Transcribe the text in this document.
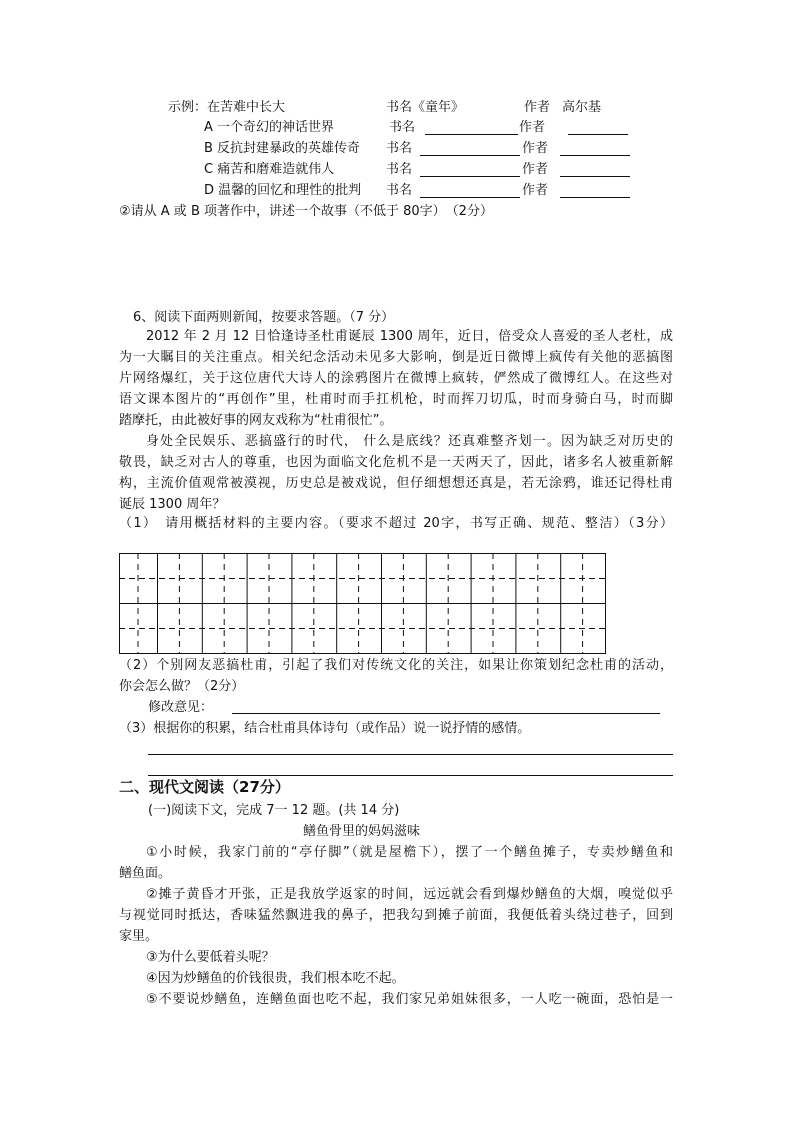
示例：在苦难中长大	书名《童年》	作者 高尔基
A 一个奇幻的神话世界	书名	作者
B 反抗封建暴政的英雄传奇 书名	作者
C 痛苦和磨难造就伟人	书名	作者
D 温馨的回忆和理性的批判 书名	作者
②请从 A 或 B 项著作中，讲述一个故事（不低于 80字）　（2分）
6、阅读下面两则新闻，按要求答题。（7 分）
2012 年 2 月 12 日恰逢诗圣杜甫诞辰 1300 周年，近日，倍受众人喜爱的圣人老杜，成
为一大瞩目的关注重点。相关纪念活动未见多大影响，倒是近日微博上疯传有关他的恶搞图
片网络爆红，关于这位唐代大诗人的涂鸦图片在微博上疯转，俨然成了微博红人。在这些对
语文课本图片的“再创作”里，杜甫时而手扛机枪，时而挥刀切瓜，时而身骑白马，时而脚
踏摩托，由此被好事的网友戏称为“杜甫很忙”。
身处全民娱乐、恶搞盛行的时代， 什么是底线？还真难整齐划一。因为缺乏对历史的
敬畏，缺乏对古人的尊重，也因为面临文化危机不是一天两天了，因此，诸多名人被重新解
构，主流价值观常被漠视，历史总是被戏说，但仔细想想还真是，若无涂鸦，谁还记得杜甫
诞辰 1300 周年？
（1）　请用概括材料的主要内容。（要求不超过 20字，书写正确、规范、整洁）（3分）
（2）个别网友恶搞杜甫，引起了我们对传统文化的关注，如果让你策划纪念杜甫的活动，
你会怎么做？（2分）
修改意见：
（3）根据你的积累，结合杜甫具体诗句（或作品）说一说抒情的感情。
二、现代文阅读（27分）
(一)阅读下文，完成 7一 12 题。(共 14 分)
鳝鱼骨里的妈妈滋味
①小时候，我家门前的“亭仔脚”（就是屋檐下），摆了一个鳝鱼摊子，专卖炒鳝鱼和
鳝鱼面。
②摊子黄昏才开张，正是我放学返家的时间，远远就会看到爆炒鳝鱼的大烟，嗅觉似乎
与视觉同时抵达，香味猛然飘进我的鼻子，把我勾到摊子前面，我便低着头绕过巷子，回到
家里。
③为什么要低着头呢？
④因为炒鳝鱼的价钱很贵，我们根本吃不起。
⑤不要说炒鳝鱼，连鳝鱼面也吃不起，我们家兄弟姐妹很多，一人吃一碗面，恐怕是一
